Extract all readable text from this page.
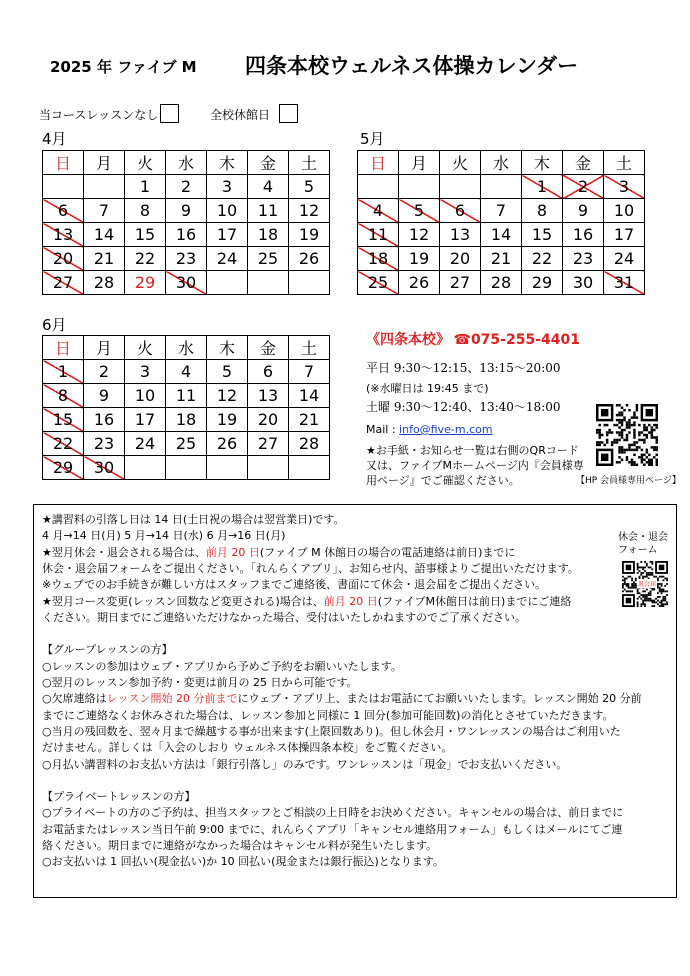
2025 年 ファイブ M 四条本校ウェルネス体操カレンダー
当コースレッスンなし	全校休館日
4月
日	月	火	水	木	金	土
		1	2	3	4	5
6	7	8	9	10	11	12
13	14	15	16	17	18	19
20	21	22	23	24	25	26
27	28	29	30			
5月
日	月	火	水	木	金	土
				1	2	3
4	5	6	7	8	9	10
11	12	13	14	15	16	17
18	19	20	21	22	23	24
25	26	27	28	29	30	31
6月
日	月	火	水	木	金	土
1	2	3	4	5	6	7
8	9	10	11	12	13	14
15	16	17	18	19	20	21
22	23	24	25	26	27	28
29	30					
《四条本校》 ☎075-255-4401
平日 9:30〜12:15、13:15〜20:00
(※水曜日は 19:45 まで)
土曜 9:30〜12:40、13:40〜18:00
Mail : info@five-m.com
★お手紙・お知らせ一覧は右側のQRコード
又は、ファイブMホームページ内『会員様専
用ページ』でご確認ください。	【HP 会員様専用ページ】
★講習料の引落し日は 14 日(土日祝の場合は翌営業日)です。
4 月→14 日(月) 5 月→14 日(水) 6 月→16 日(月)
★翌月休会・退会される場合は、前月 20 日(ファイブ M 休館日の場合の電話連絡は前日)までに
休会・退会届フォームをご提出ください。「れんらくアプリ」、お知らせ内、語事様よりご提出いただけます。
※ウェブでのお手続きが難しい方はスタッフまでご連絡後、書面にて休会・退会届をご提出ください。
★翌月コース変更(レッスン回数など変更される)場合は、前月 20 日(ファイブM休館日は前日)までにご連絡
ください。期日までにご連絡いただけなかった場合、受付はいたしかねますのでご了承ください。
【グループレッスンの方】
○レッスンの参加はウェブ・アプリから予めご予約をお願いいたします。
○翌月のレッスン参加予約・変更は前月の 25 日から可能です。
○欠席連絡はレッスン開始 20 分前までにウェブ・アプリ上、またはお電話にてお願いいたします。レッスン開始 20 分前
までにご連絡なくお休みされた場合は、レッスン参加と同様に 1 回分(参加可能回数)の消化とさせていただきます。
○当月の残回数を、翌々月まで繰越する事が出来ます(上限回数あり)。但し休会月・ワンレッスンの場合はご利用いた
だけません。詳しくは「入会のしおり ウェルネス体操四条本校」をご覧ください。
○月払い講習料のお支払い方法は「銀行引落し」のみです。ワンレッスンは「現金」でお支払いください。
【プライベートレッスンの方】
○プライベートの方のご予約は、担当スタッフとご相談の上日時をお決めください。キャンセルの場合は、前日までに
お電話またはレッスン当日午前 9:00 までに、れんらくアプリ「キャンセル連絡用フォーム」もしくはメールにてご連
絡ください。期日までに連絡がなかった場合はキャンセル料が発生いたします。
○お支払いは 1 回払い(現金払い)か 10 回払い(現金または銀行振込)となります。
休会・退会
フォーム
退会届
